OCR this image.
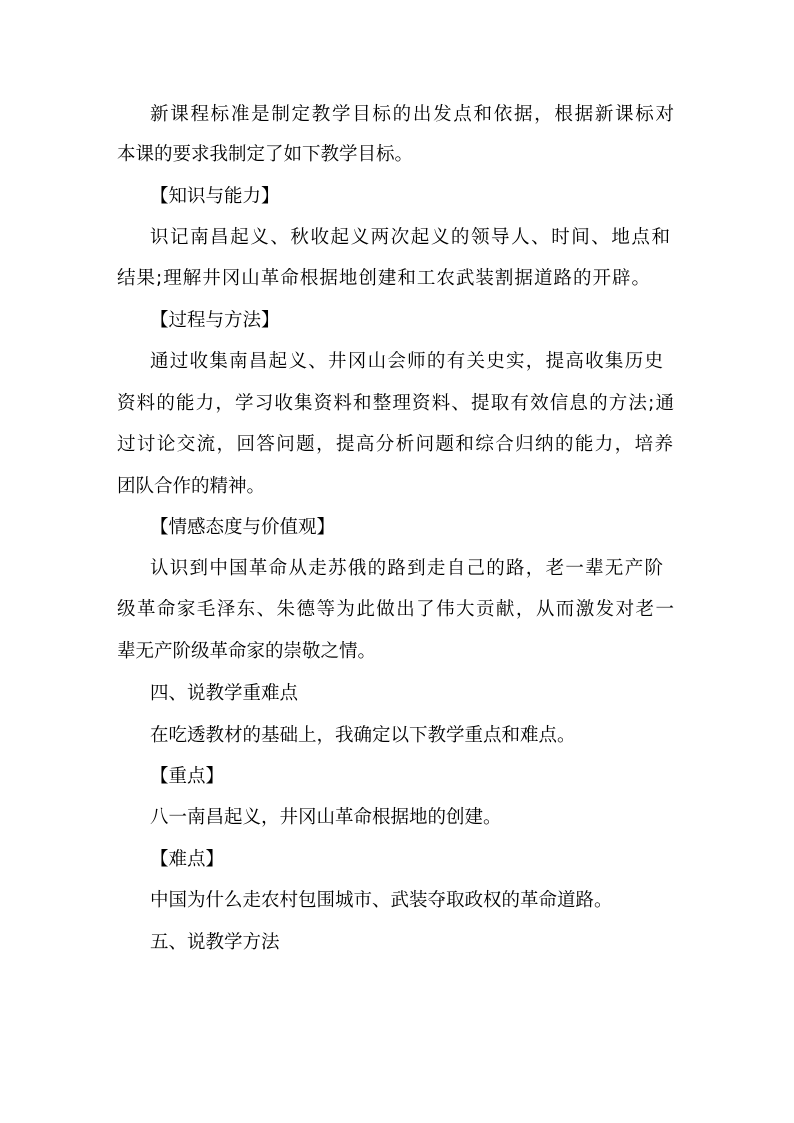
新课程标准是制定教学目标的出发点和依据，根据新课标对
本课的要求我制定了如下教学目标。
【知识与能力】
识记南昌起义、秋收起义两次起义的领导人、时间、地点和
结果;理解井冈山革命根据地创建和工农武装割据道路的开辟。
【过程与方法】
通过收集南昌起义、井冈山会师的有关史实，提高收集历史
资料的能力，学习收集资料和整理资料、提取有效信息的方法;通
过讨论交流，回答问题，提高分析问题和综合归纳的能力，培养
团队合作的精神。
【情感态度与价值观】
认识到中国革命从走苏俄的路到走自己的路，老一辈无产阶
级革命家毛泽东、朱德等为此做出了伟大贡献，从而激发对老一
辈无产阶级革命家的崇敬之情。
四、说教学重难点
在吃透教材的基础上，我确定以下教学重点和难点。
【重点】
八一南昌起义，井冈山革命根据地的创建。
【难点】
中国为什么走农村包围城市、武装夺取政权的革命道路。
五、说教学方法
